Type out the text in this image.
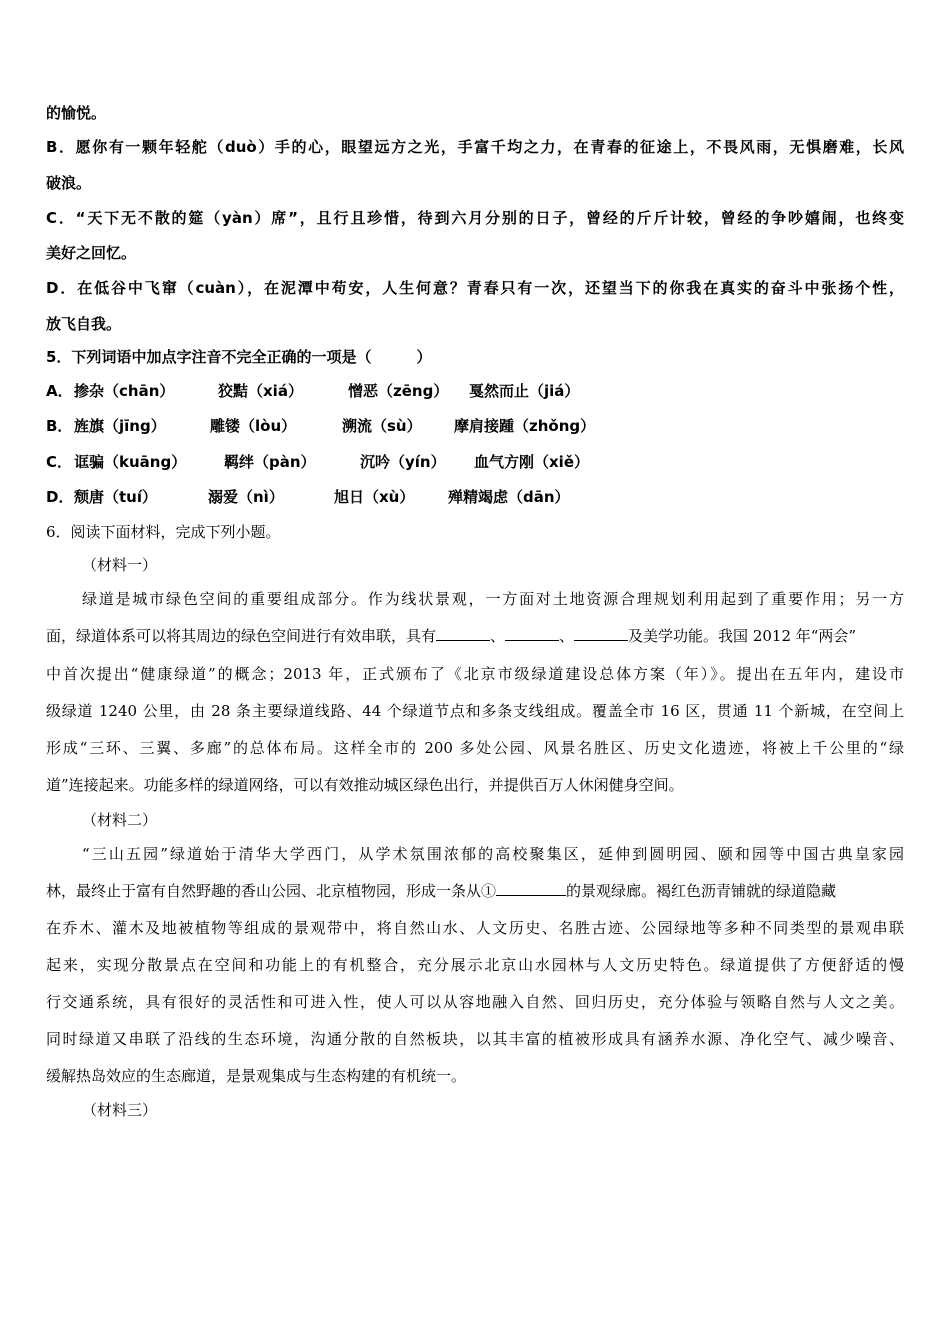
的愉悦。
B．愿你有一颗年轻舵（duò）手的心，眼望远方之光，手富千均之力，在青春的征途上，不畏风雨，无惧磨难，长风
破浪。
C．“天下无不散的筵（yàn）席”，且行且珍惜，待到六月分别的日子，曾经的斤斤计较，曾经的争吵嬉闹，也终变
美好之回忆。
D．在低谷中飞窜（cuàn），在泥潭中苟安，人生何意？青春只有一次，还望当下的你我在真实的奋斗中张扬个性，
放飞自我。
5．下列词语中加点字注音不完全正确的一项是（　　　）
A． 掺杂（chān）	狡黠（xiá）	憎恶（zēng） 戛然而止（jiá）
B． 旌旗（jīng）	雕镂（lòu）	溯流（sù） 摩肩接踵（zhǒng）
C． 诓骗（kuāng）	羁绊（pàn）	沉吟（yín） 血气方刚（xiě）
D． 颓唐（tuí）	溺爱（nì）	旭日（xù） 殚精竭虑（dān）
6．阅读下面材料，完成下列小题。
（材料一）
绿道是城市绿色空间的重要组成部分。作为线状景观，一方面对土地资源合理规划利用起到了重要作用；另一方
面，绿道体系可以将其周边的绿色空间进行有效串联，具有	、	、	及美学功能。我国 2012 年“两会”
中首次提出“健康绿道”的概念；2013 年，正式颁布了《北京市级绿道建设总体方案（年）》。提出在五年内，建设市
级绿道 1240 公里，由 28 条主要绿道线路、44 个绿道节点和多条支线组成。覆盖全市 16 区，贯通 11 个新城，在空间上
形成“三环、三翼、多廊”的总体布局。这样全市的 200 多处公园、风景名胜区、历史文化遗迹，将被上千公里的“绿
道”连接起来。功能多样的绿道网络，可以有效推动城区绿色出行，并提供百万人休闲健身空间。
（材料二）
“三山五园”绿道始于清华大学西门，从学术氛围浓郁的高校聚集区，延伸到圆明园、颐和园等中国古典皇家园
林，最终止于富有自然野趣的香山公园、北京植物园，形成一条从①	的景观绿廊。褐红色沥青铺就的绿道隐藏
在乔木、灌木及地被植物等组成的景观带中，将自然山水、人文历史、名胜古迹、公园绿地等多种不同类型的景观串联
起来，实现分散景点在空间和功能上的有机整合，充分展示北京山水园林与人文历史特色。绿道提供了方便舒适的慢
行交通系统，具有很好的灵活性和可进入性，使人可以从容地融入自然、回归历史，充分体验与领略自然与人文之美。
同时绿道又串联了沿线的生态环境，沟通分散的自然板块，以其丰富的植被形成具有涵养水源、净化空气、减少噪音、
缓解热岛效应的生态廊道，是景观集成与生态构建的有机统一。
（材料三）
